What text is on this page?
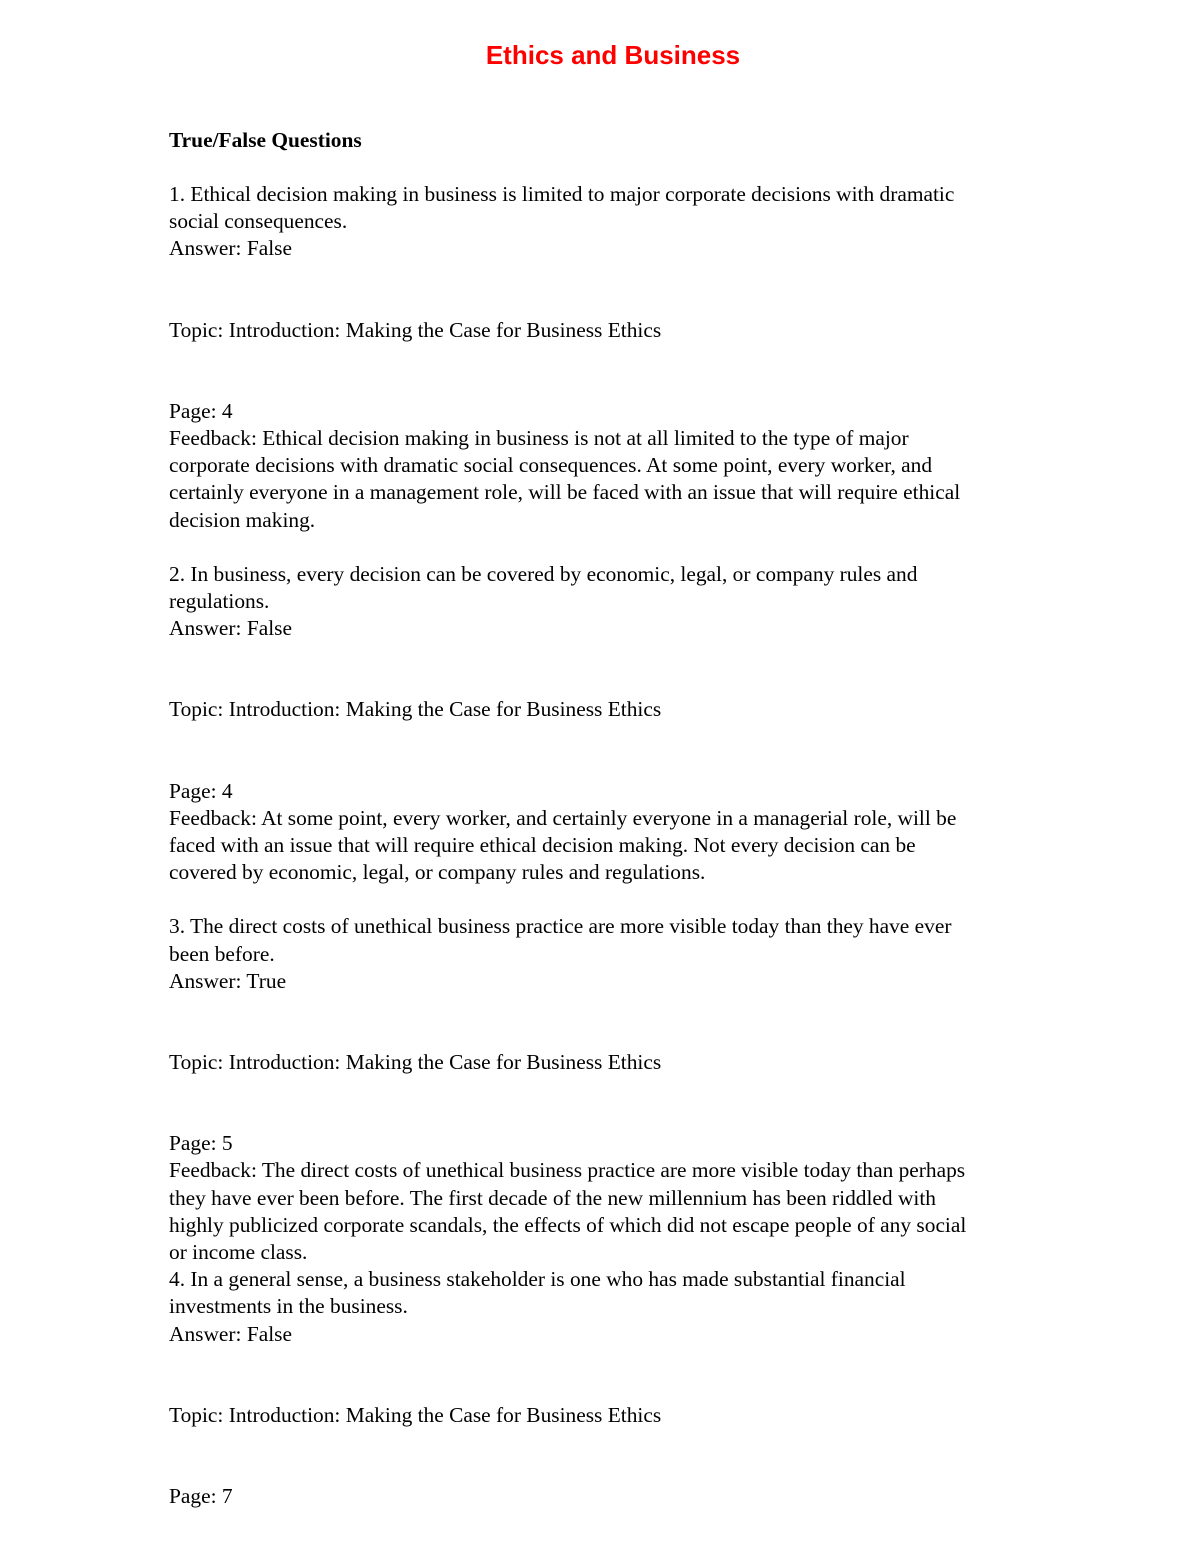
Ethics and Business

True/False Questions

1. Ethical decision making in business is limited to major corporate decisions with dramatic

social consequences.

Answer: False

Topic: Introduction: Making the Case for Business Ethics

Page: 4

Feedback: Ethical decision making in business is not at all limited to the type of major

corporate decisions with dramatic social consequences. At some point, every worker, and

certainly everyone in a management role, will be faced with an issue that will require ethical

decision making.

2. In business, every decision can be covered by economic, legal, or company rules and

regulations.

Answer: False

Topic: Introduction: Making the Case for Business Ethics

Page: 4

Feedback: At some point, every worker, and certainly everyone in a managerial role, will be

faced with an issue that will require ethical decision making. Not every decision can be

covered by economic, legal, or company rules and regulations.

3. The direct costs of unethical business practice are more visible today than they have ever

been before.

Answer: True

Topic: Introduction: Making the Case for Business Ethics

Page: 5

Feedback: The direct costs of unethical business practice are more visible today than perhaps

they have ever been before. The first decade of the new millennium has been riddled with

highly publicized corporate scandals, the effects of which did not escape people of any social

or income class.

4. In a general sense, a business stakeholder is one who has made substantial financial

investments in the business.

Answer: False

Topic: Introduction: Making the Case for Business Ethics

Page: 7
